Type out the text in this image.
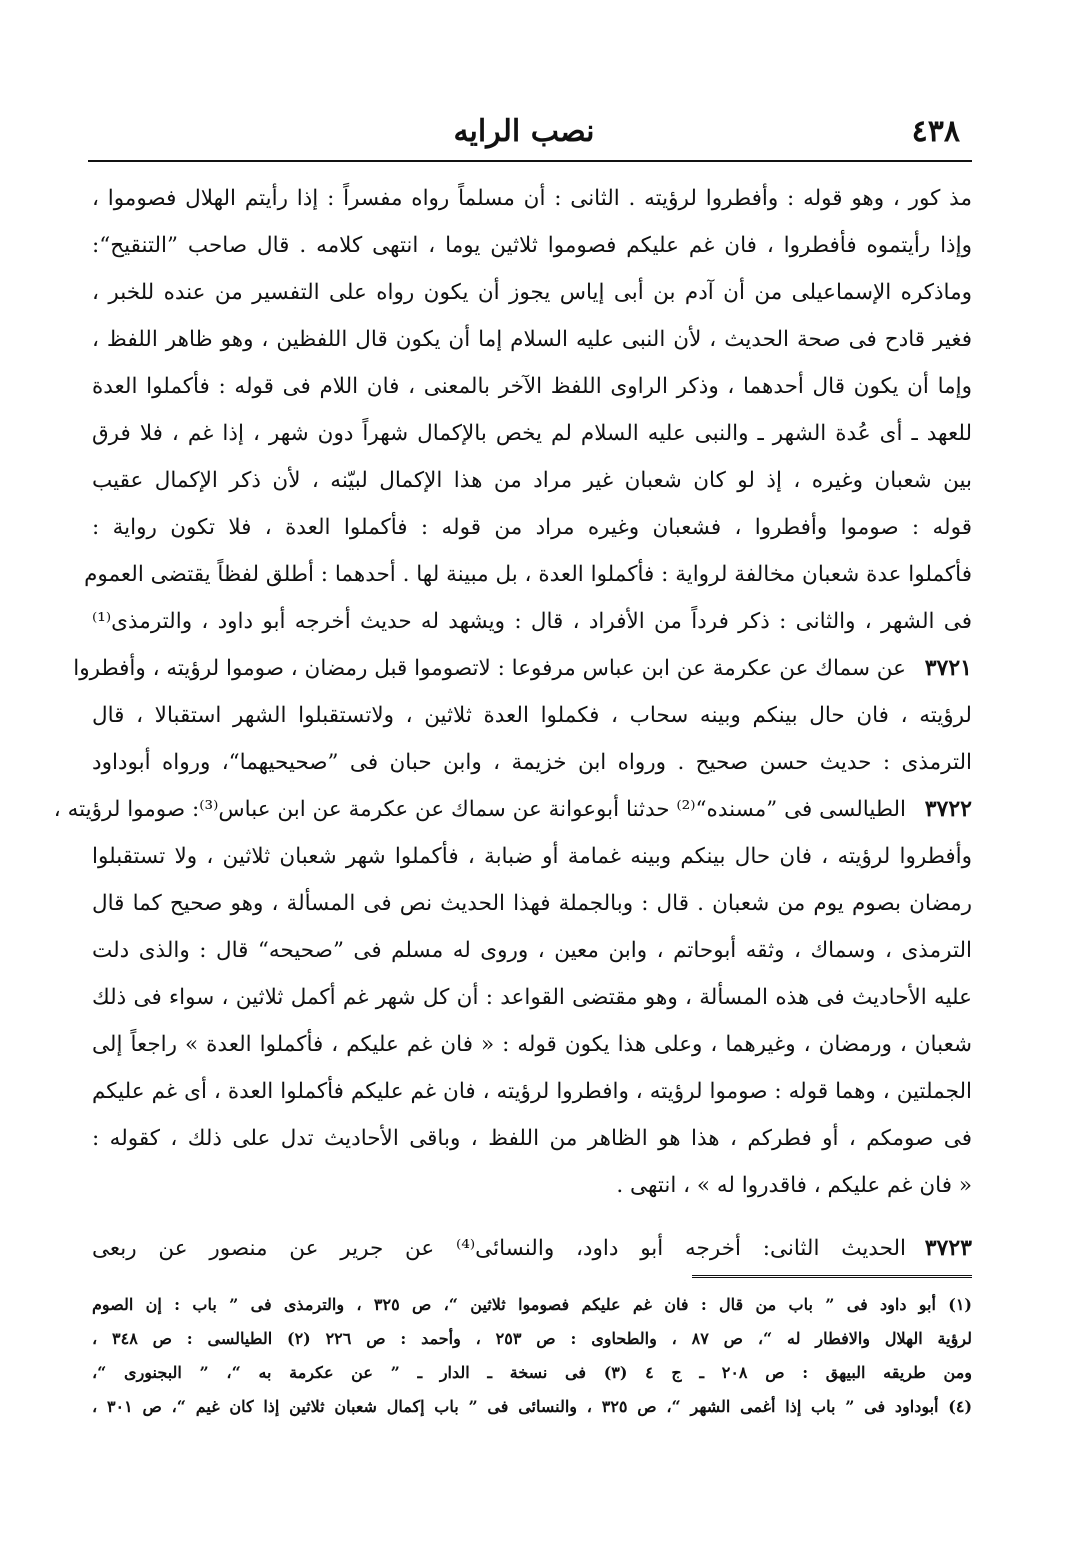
٤٣٨
نصب الرايه
مذ كور ، وهو قوله : وأفطروا لرؤيته . الثانى : أن مسلماً رواه مفسراً : إذا رأيتم الهلال فصوموا ،
وإذا رأيتموه فأفطروا ، فان غم عليكم فصوموا ثلاثين يوما ، انتهى كلامه . قال صاحب ”التنقيح“:
وماذكره الإسماعيلى من أن آدم بن أبى إياس يجوز أن يكون رواه على التفسير من عنده للخبر ،
فغير قادح فى صحة الحديث ، لأن النبى عليه السلام إما أن يكون قال اللفظين ، وهو ظاهر اللفظ ،
وإما أن يكون قال أحدهما ، وذكر الراوى اللفظ الآخر بالمعنى ، فان اللام فى قوله : فأكملوا العدة
للعهد ـ أى عُدة الشهر ـ والنبى عليه السلام لم يخص بالإكمال شهراً دون شهر ، إذا غم ، فلا فرق
بين شعبان وغيره ، إذ لو كان شعبان غير مراد من هذا الإكمال لبيّنه ، لأن ذكر الإكمال عقيب
قوله : صوموا وأفطروا ، فشعبان وغيره مراد من قوله : فأكملوا العدة ، فلا تكون رواية :
فأكملوا عدة شعبان مخالفة لرواية : فأكملوا العدة ، بل مبينة لها . أحدهما : أطلق لفظاً يقتضى العموم
فى الشهر ، والثانى : ذكر فرداً من الأفراد ، قال : ويشهد له حديث أخرجه أبو داود ، والترمذى⁽¹⁾
٣٧٢١
عن سماك عن عكرمة عن ابن عباس مرفوعا : لاتصوموا قبل رمضان ، صوموا لرؤيته ، وأفطروا
لرؤيته ، فان حال بينكم وبينه سحاب ، فكملوا العدة ثلاثين ، ولاتستقبلوا الشهر استقبالا ، قال
الترمذى : حديث حسن صحيح . ورواه ابن خزيمة ، وابن حبان فى ”صحيحيهما“، ورواه أبوداود
٣٧٢٢
الطيالسى فى ”مسنده“⁽²⁾ حدثنا أبوعوانة عن سماك عن عكرمة عن ابن عباس⁽³⁾: صوموا لرؤيته ،
وأفطروا لرؤيته ، فان حال بينكم وبينه غمامة أو ضبابة ، فأكملوا شهر شعبان ثلاثين ، ولا تستقبلوا
رمضان بصوم يوم من شعبان . قال : وبالجملة فهذا الحديث نص فى المسألة ، وهو صحيح كما قال
الترمذى ، وسماك ، وثقه أبوحاتم ، وابن معين ، وروى له مسلم فى ”صحيحه“ قال : والذى دلت
عليه الأحاديث فى هذه المسألة ، وهو مقتضى القواعد : أن كل شهر غم أكمل ثلاثين ، سواء فى ذلك
شعبان ، ورمضان ، وغيرهما ، وعلى هذا يكون قوله : « فان غم عليكم ، فأكملوا العدة » راجعاً إلى
الجملتين ، وهما قوله : صوموا لرؤيته ، وافطروا لرؤيته ، فان غم عليكم فأكملوا العدة ، أى غم عليكم
فى صومكم ، أو فطركم ، هذا هو الظاهر من اللفظ ، وباقى الأحاديث تدل على ذلك ، كقوله :
« فان غم عليكم ، فاقدروا له » ، انتهى .
٣٧٢٣
الحديث الثانى: أخرجه أبو داود، والنسائى⁽⁴⁾ عن جرير عن منصور عن ربعى
(١) أبو داود فى ” باب من قال : فان غم عليكم فصوموا ثلاثين “، ص ٣٢٥ ، والترمذى فى ” باب : إن الصوم
لرؤية الهلال والافطار له “، ص ٨٧ ، والطحاوى : ص ٢٥٣ ، وأحمد : ص ٢٢٦ (٢) الطيالسى : ص ٣٤٨ ،
ومن طريقه البيهق : ص ٢٠٨ ـ ج ٤ (٣) فى نسخة ـ الدار ـ ” عن عكرمة به “، ” البجنورى “،
(٤) أبوداود فى ” باب إذا أغمى الشهر “، ص ٣٢٥ ، والنسائى فى ” باب إكمال شعبان ثلاثين إذا كان غيم “، ص ٣٠١ ،
